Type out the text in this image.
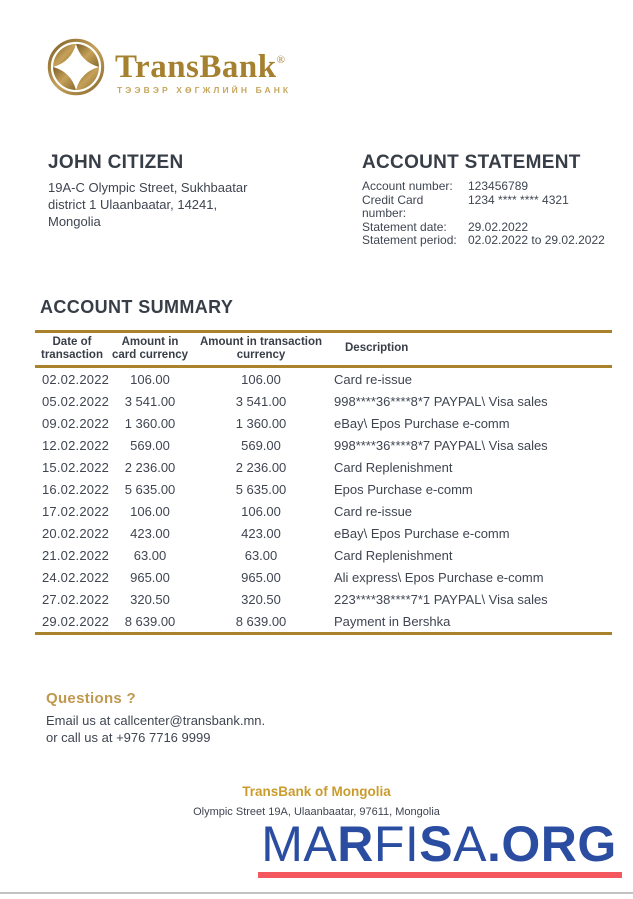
TransBank®
ТЭЭВЭР ХӨГЖЛИЙН БАНК
JOHN CITIZEN
19A-C Olympic Street, Sukhbaatar
district 1 Ulaanbaatar, 14241,
Mongolia
ACCOUNT STATEMENT
Account number:	123456789
Credit Card number:
1234 **** **** 4321
Statement date:	29.02.2022
Statement period: 02.02.2022 to 29.02.2022
ACCOUNT SUMMARY
Date of transaction	Amount in card currency	Amount in transaction currency	Description
02.02.2022	106.00	106.00	Card re-issue
05.02.2022	3 541.00	3 541.00	998****36****8*7 PAYPAL\ Visa sales
09.02.2022	1 360.00	1 360.00	eBay\ Epos Purchase e-comm
12.02.2022	569.00	569.00	998****36****8*7 PAYPAL\ Visa sales
15.02.2022	2 236.00	2 236.00	Card Replenishment
16.02.2022	5 635.00	5 635.00	Epos Purchase e-comm
17.02.2022	106.00	106.00	Card re-issue
20.02.2022	423.00	423.00	eBay\ Epos Purchase e-comm
21.02.2022	63.00	63.00	Card Replenishment
24.02.2022	965.00	965.00	Ali express\ Epos Purchase e-comm
27.02.2022	320.50	320.50	223****38****7*1 PAYPAL\ Visa sales
29.02.2022	8 639.00	8 639.00	Payment in Bershka
Questions ?
Email us at callcenter@transbank.mn.
or call us at +976 7716 9999
TransBank of Mongolia
Olympic Street 19A, Ulaanbaatar, 97611, Mongolia
MARFISA.ORG
